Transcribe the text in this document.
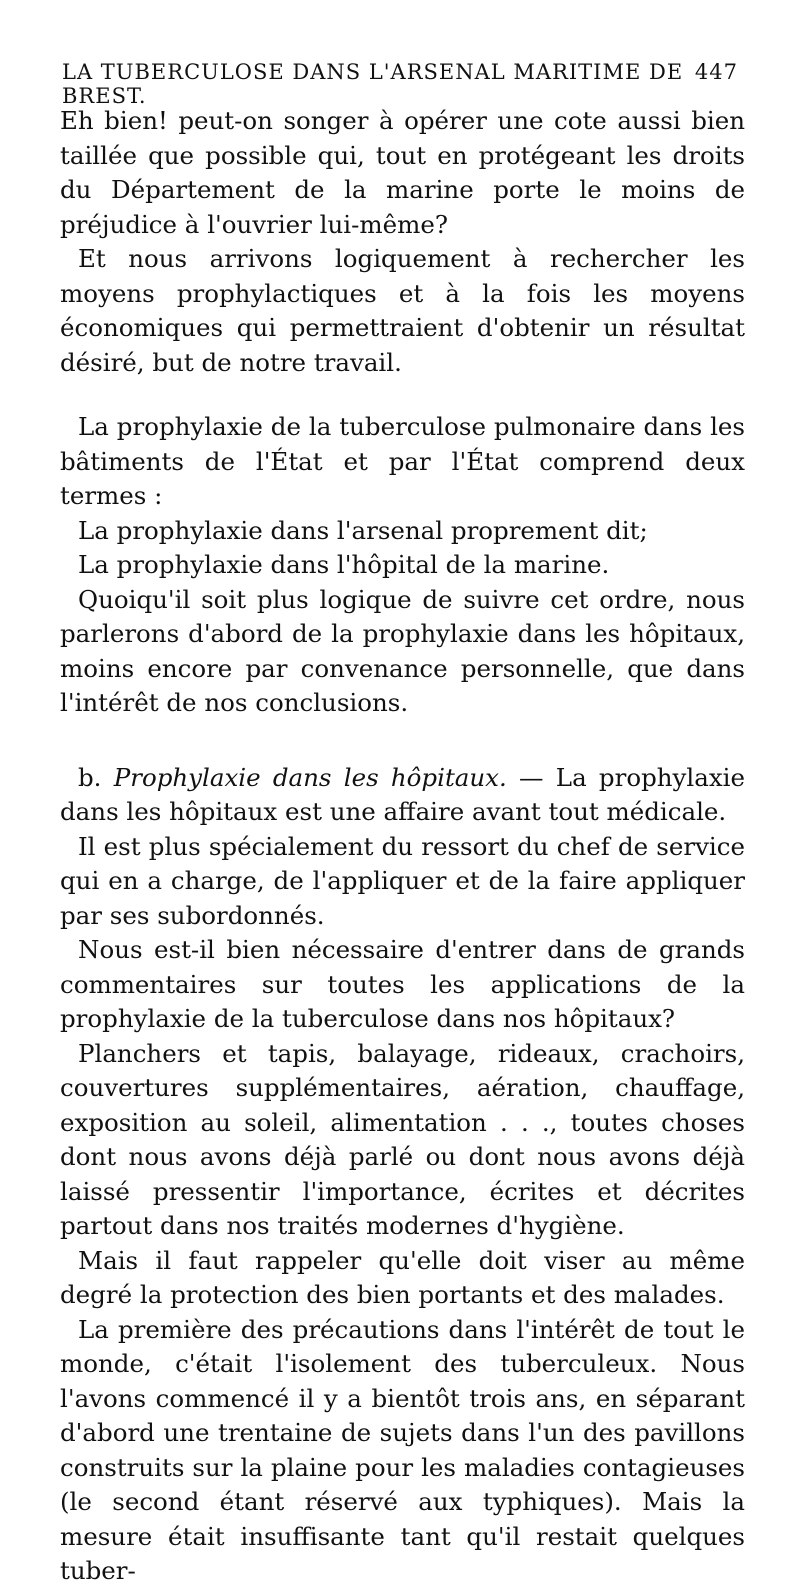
LA TUBERCULOSE DANS L'ARSENAL MARITIME DE BREST.
447

Eh bien! peut-on songer à opérer une cote aussi bien taillée que possible qui, tout en protégeant les droits du Département de la marine porte le moins de préjudice à l'ouvrier lui-même?

Et nous arrivons logiquement à rechercher les moyens prophylactiques et à la fois les moyens économiques qui permettraient d'obtenir un résultat désiré, but de notre travail.

La prophylaxie de la tuberculose pulmonaire dans les bâtiments de l'État et par l'État comprend deux termes :

La prophylaxie dans l'arsenal proprement dit;

La prophylaxie dans l'hôpital de la marine.

Quoiqu'il soit plus logique de suivre cet ordre, nous parlerons d'abord de la prophylaxie dans les hôpitaux, moins encore par convenance personnelle, que dans l'intérêt de nos conclusions.

b. Prophylaxie dans les hôpitaux. — La prophylaxie dans les hôpitaux est une affaire avant tout médicale.

Il est plus spécialement du ressort du chef de service qui en a charge, de l'appliquer et de la faire appliquer par ses subordonnés.

Nous est-il bien nécessaire d'entrer dans de grands commentaires sur toutes les applications de la prophylaxie de la tuberculose dans nos hôpitaux?

Planchers et tapis, balayage, rideaux, crachoirs, couvertures supplémentaires, aération, chauffage, exposition au soleil, alimentation . . ., toutes choses dont nous avons déjà parlé ou dont nous avons déjà laissé pressentir l'importance, écrites et décrites partout dans nos traités modernes d'hygiène.

Mais il faut rappeler qu'elle doit viser au même degré la protection des bien portants et des malades.

La première des précautions dans l'intérêt de tout le monde, c'était l'isolement des tuberculeux. Nous l'avons commencé il y a bientôt trois ans, en séparant d'abord une trentaine de sujets dans l'un des pavillons construits sur la plaine pour les maladies contagieuses (le second étant réservé aux typhiques). Mais la mesure était insuffisante tant qu'il restait quelques tuber-
